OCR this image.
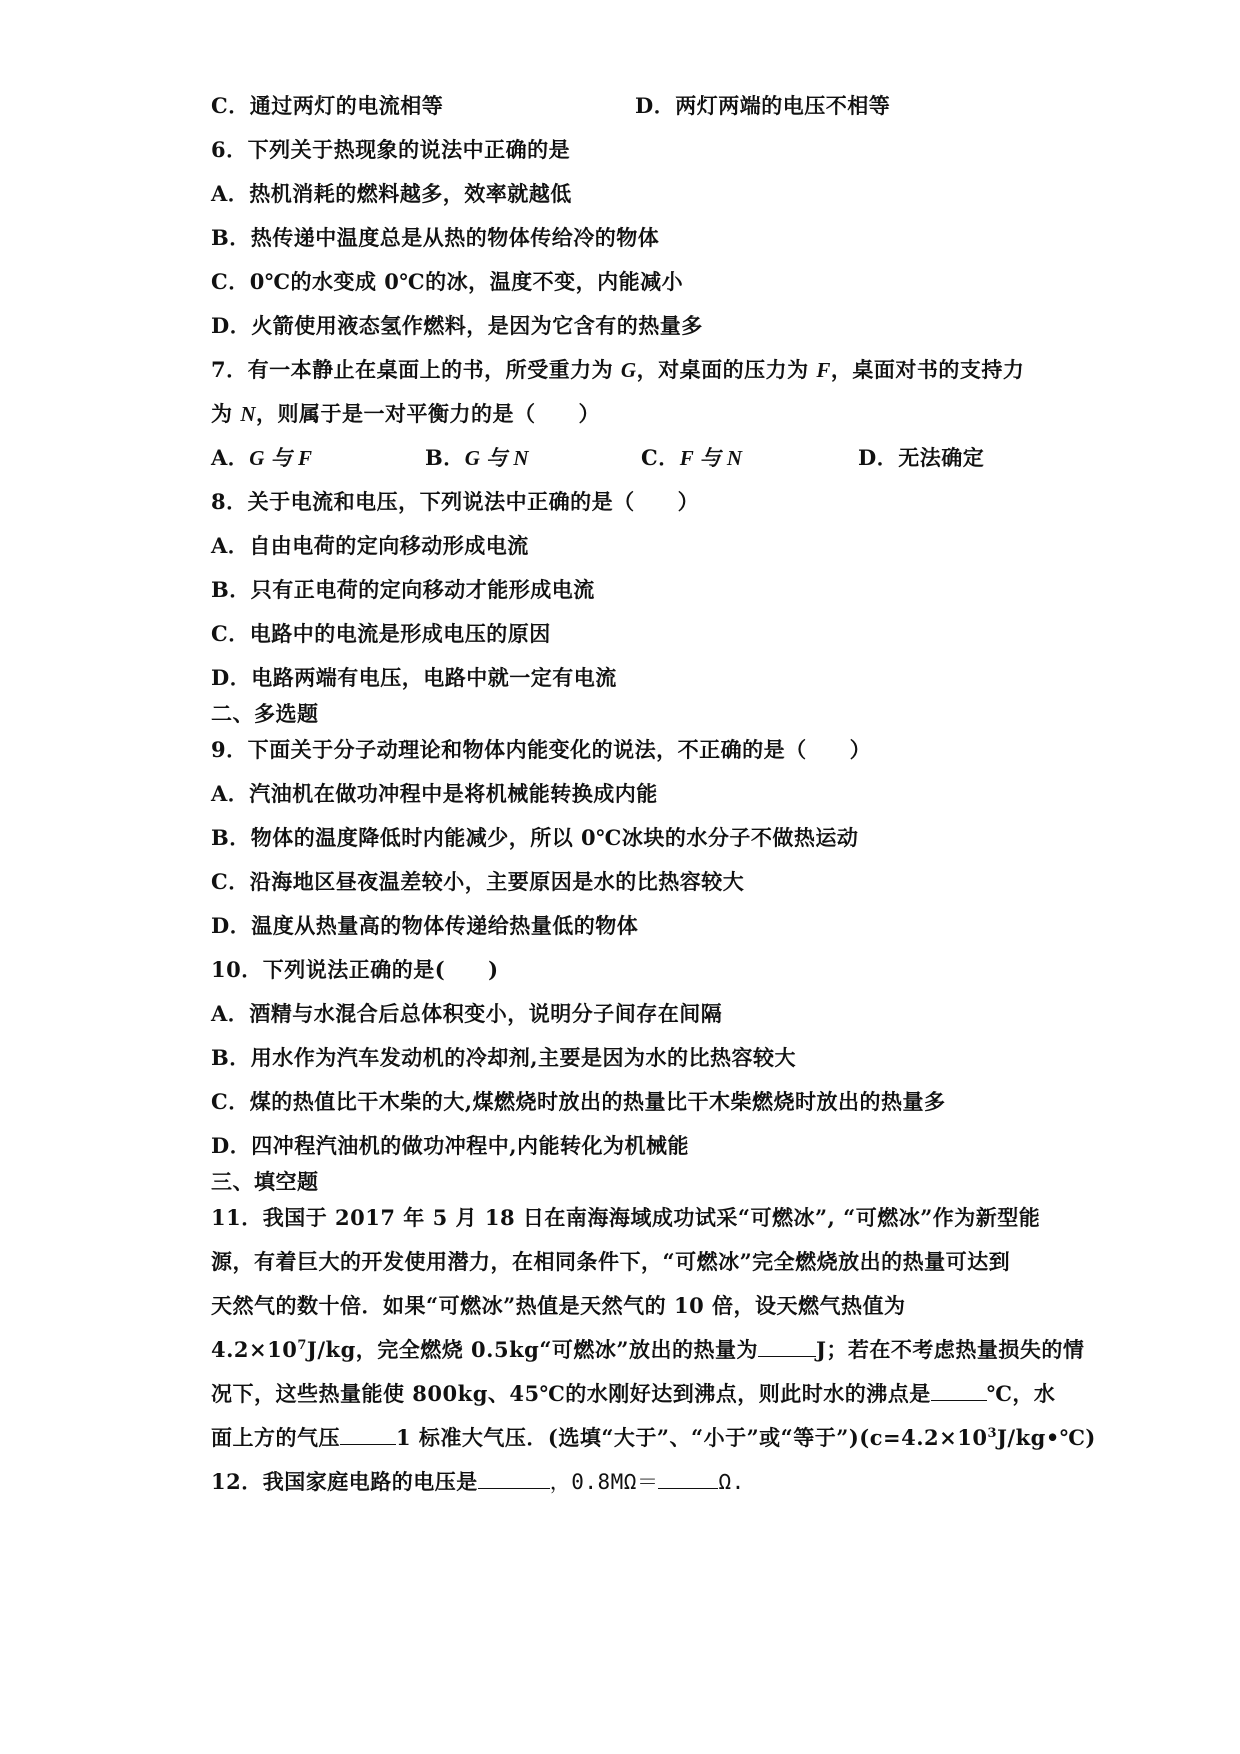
C．通过两灯的电流相等	D．两灯两端的电压不相等
6．下列关于热现象的说法中正确的是
A．热机消耗的燃料越多，效率就越低
B．热传递中温度总是从热的物体传给冷的物体
C．0℃的水变成 0℃的冰，温度不变，内能减小
D．火箭使用液态氢作燃料，是因为它含有的热量多
7．有一本静止在桌面上的书，所受重力为 G，对桌面的压力为 F，桌面对书的支持力
为 N，则属于是一对平衡力的是（　　）
A．G 与 F	B．G 与 N	C．F 与 N	D．无法确定
8．关于电流和电压，下列说法中正确的是（　　）
A．自由电荷的定向移动形成电流
B．只有正电荷的定向移动才能形成电流
C．电路中的电流是形成电压的原因
D．电路两端有电压，电路中就一定有电流
二、多选题
9．下面关于分子动理论和物体内能变化的说法，不正确的是（　　）
A．汽油机在做功冲程中是将机械能转换成内能
B．物体的温度降低时内能减少，所以 0℃冰块的水分子不做热运动
C．沿海地区昼夜温差较小，主要原因是水的比热容较大
D．温度从热量高的物体传递给热量低的物体
10．下列说法正确的是(　　)
A．酒精与水混合后总体积变小，说明分子间存在间隔
B．用水作为汽车发动机的冷却剂,主要是因为水的比热容较大
C．煤的热值比干木柴的大,煤燃烧时放出的热量比干木柴燃烧时放出的热量多
D．四冲程汽油机的做功冲程中,内能转化为机械能
三、填空题
11．我国于 2017 年 5 月 18 日在南海海域成功试采“可燃冰”, “可燃冰”作为新型能
源，有着巨大的开发使用潜力，在相同条件下，“可燃冰”完全燃烧放出的热量可达到
天然气的数十倍．如果“可燃冰”热值是天然气的 10 倍，设天燃气热值为
$4.2\times 10^7J/kg$，完全燃烧 0.5kg“可燃冰”放出的热量为	J；若在不考虑热量损失的情
况下，这些热量能使 800kg、45℃的水刚好达到沸点，则此时水的沸点是	℃，水
面上方的气压	1 标准大气压．(选填“大于”、“小于”或“等于$”)(c=4.2\times 10^3J/kg•℃)$
12．我国家庭电路的电压是	，0.8MΩ＝	Ω.
